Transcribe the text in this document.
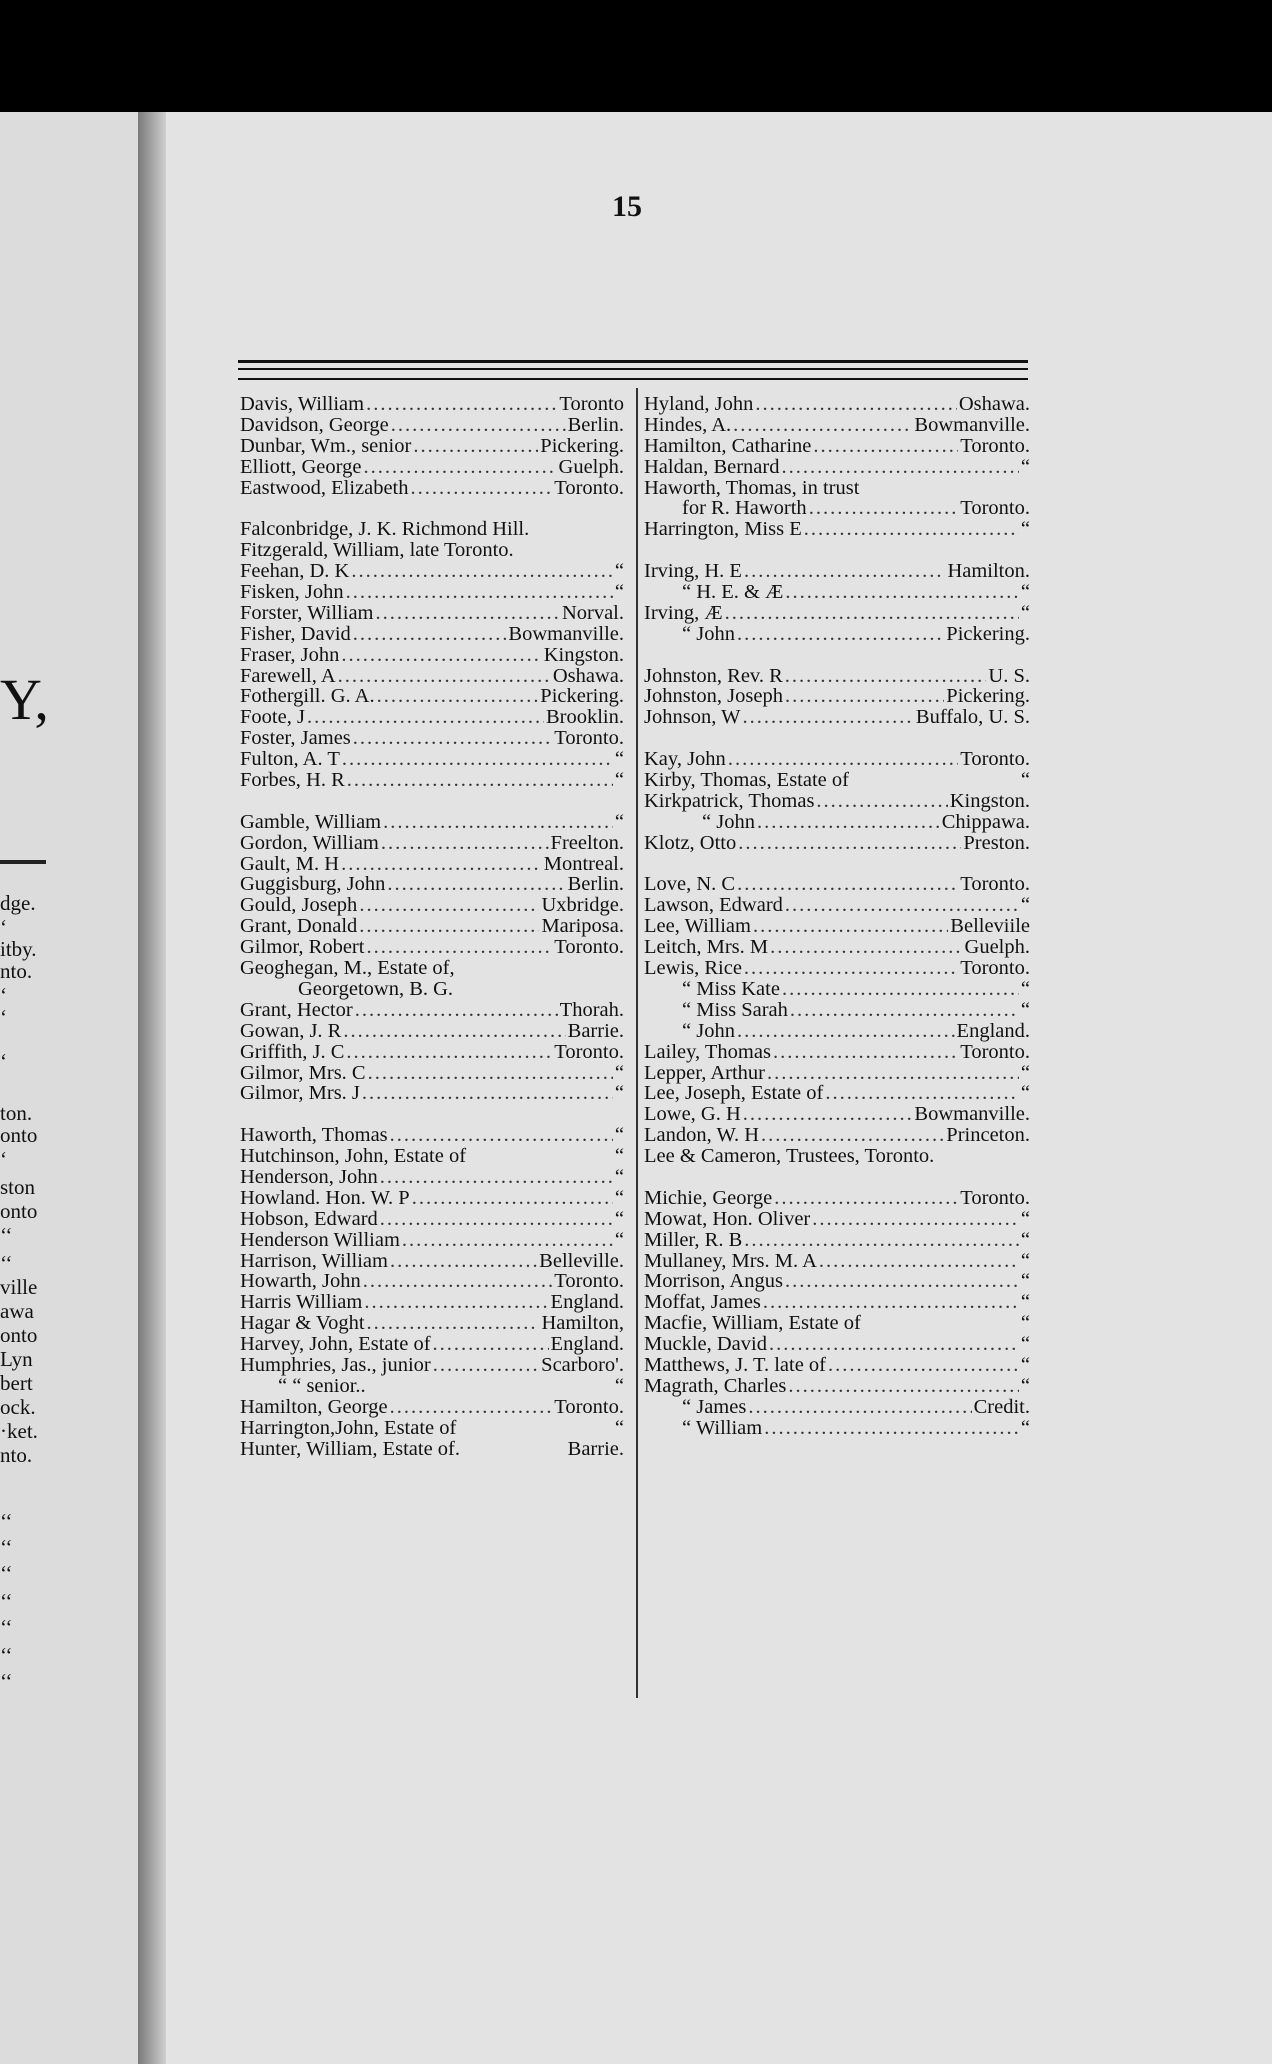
Y,
dge.
‘
itby.
nto.
‘
‘
‘
ton.
onto
‘
ston
onto
‘‘
‘‘
ville
awa
onto
Lyn
bert
ock.
·ket.
nto.
‘‘
‘‘
‘‘
‘‘
‘‘
‘‘
‘‘
15
Davis, William .....	Toronto
Davidson, George .....	Berlin.
Dunbar, Wm., senior .....	Pickering.
Elliott, George .....	Guelph.
Eastwood, Elizabeth .....	Toronto.
Falconbridge, J. K. Richmond Hill.
Fitzgerald, William, late Toronto.
Feehan, D. K .....	“
Fisken, John .....	“
Forster, William .....	Norval.
Fisher, David .....	Bowmanville.
Fraser, John .....	Kingston.
Farewell, A .....	Oshawa.
Fothergill. G. A. .....	Pickering.
Foote, J .....	Brooklin.
Foster, James .....	Toronto.
Fulton, A. T .....	“
Forbes, H. R .....	“
Gamble, William .....	“
Gordon, William .....	Freelton.
Gault, M. H .....	Montreal.
Guggisburg, John .....	Berlin.
Gould, Joseph .....	Uxbridge.
Grant, Donald .....	Mariposa.
Gilmor, Robert .....	Toronto.
Geoghegan, M., Estate of,
Georgetown, B. G.
Grant, Hector .....	Thorah.
Gowan, J. R .....	Barrie.
Griffith, J. C .....	Toronto.
Gilmor, Mrs. C .....	“
Gilmor, Mrs. J .....	“
Haworth, Thomas .....	“
Hutchinson, John, Estate of	“
Henderson, John .....	“
Howland. Hon. W. P .....	“
Hobson, Edward .....	“
Henderson William .....	“
Harrison, William .....	Belleville.
Howarth, John .....	Toronto.
Harris William .....	England.
Hagar & Voght .....	Hamilton,
Harvey, John, Estate of .....	England.
Humphries, Jas., junior .....	Scarboro'.
“ “ senior..	“
Hamilton, George .....	Toronto.
Harrington,John, Estate of	“
Hunter, William, Estate of.	Barrie.
Hyland, John .....	Oshawa.
Hindes, A. .....	Bowmanville.
Hamilton, Catharine .....	Toronto.
Haldan, Bernard .....	“
Haworth, Thomas, in trust
for R. Haworth .....	Toronto.
Harrington, Miss E .....	“
Irving, H. E .....	Hamilton.
“ H. E. & Æ .....	“
Irving, Æ .....	“
“ John .....	Pickering.
Johnston, Rev. R .....	U. S.
Johnston, Joseph .....	Pickering.
Johnson, W .....	Buffalo, U. S.
Kay, John .....	Toronto.
Kirby, Thomas, Estate of	“
Kirkpatrick, Thomas .....	Kingston.
“ John .....	Chippawa.
Klotz, Otto .....	Preston.
Love, N. C .....	Toronto.
Lawson, Edward .....	“
Lee, William .....	Belleviile
Leitch, Mrs. M .....	Guelph.
Lewis, Rice .....	Toronto.
“ Miss Kate .....	“
“ Miss Sarah .....	“
“ John .....	England.
Lailey, Thomas .....	Toronto.
Lepper, Arthur .....	“
Lee, Joseph, Estate of .....	“
Lowe, G. H .....	Bowmanville.
Landon, W. H .....	Princeton.
Lee & Cameron, Trustees, Toronto.
Michie, George .....	Toronto.
Mowat, Hon. Oliver .....	“
Miller, R. B .....	“
Mullaney, Mrs. M. A .....	“
Morrison, Angus .....	“
Moffat, James .....	“
Macfie, William, Estate of	“
Muckle, David .....	“
Matthews, J. T. late of .....	“
Magrath, Charles .....	“
“ James .....	Credit.
“ William .....	“
